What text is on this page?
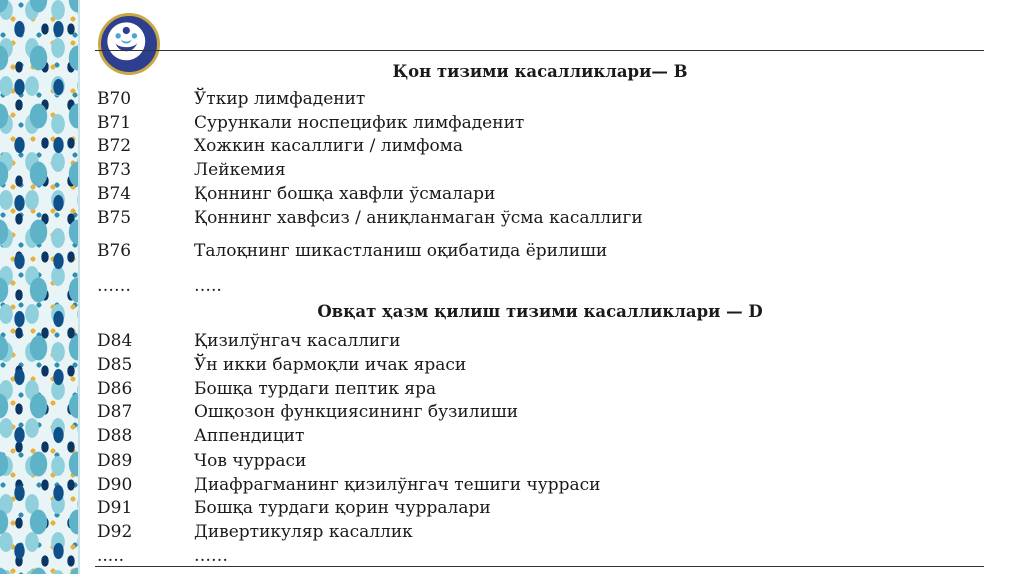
Қон тизими касалликлари— B
B70	Ўткир лимфаденит
B71	Сурункали носпецифик лимфаденит
B72	Хожкин касаллиги / лимфома
B73	Лейкемия
B74	Қоннинг бошқа хавфли ўсмалари
B75	Қоннинг хавфсиз / аниқланмаган ўсма касаллиги
B76	Талоқнинг шикастланиш оқибатида ёрилиши
……	…..
Овқат ҳазм қилиш тизими касалликлари — D
D84	Қизилўнгач касаллиги
D85	Ўн икки бармоқли ичак яраси
D86	Бошқа турдаги пептик яра
D87	Ошқозон функциясининг бузилиши
D88	Аппендицит
D89	Чов чурраси
D90	Диафрагманинг қизилўнгач тешиги чурраси
D91	Бошқа турдаги қорин чурралари
D92	Дивертикуляр касаллик
.....	……
